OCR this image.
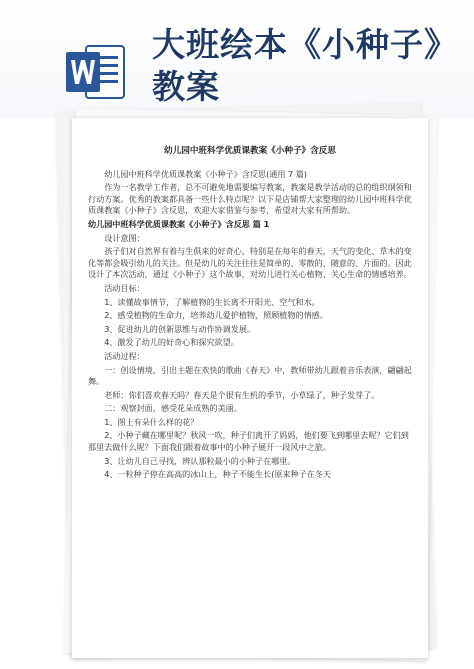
大班绘本《小种子》教案

幼儿园中班科学优质课教案《小种子》含反思

幼儿园中班科学优质课教案《小种子》含反思(通用 7 篇)

作为一名教学工作者，总不可避免地需要编写教案，教案是教学活动的总的组织纲领和行动方案。优秀的教案都具备一些什么特点呢？以下是店铺帮大家整理的幼儿园中班科学优质课教案《小种子》含反思，欢迎大家借鉴与参考，希望对大家有所帮助。

幼儿园中班科学优质课教案《小种子》含反思 篇 1

设计意图：

孩子们对自然界有着与生俱来的好奇心，特别是在每年的春天，天气的变化、草木的变化等都会吸引幼儿的关注。但是幼儿的关注往往是简单的、零散的、随意的、片面的。因此设计了本次活动，通过《小种子》这个故事，对幼儿进行关心植物、关心生命的情感培养。

活动目标：

1、读懂故事情节，了解植物的生长离不开阳光、空气和水。

2、感受植物的生命力，培养幼儿爱护植物，照顾植物的情感。

3、促进幼儿的创新思维与动作协调发展。

4、激发了幼儿的好奇心和探究欲望。

活动过程：

一：创设情境，引出主题在欢快的歌曲《春天》中，教师带幼儿跟着音乐表演，翩翩起舞。

老师：你们喜欢春天吗？春天是个很有生机的季节，小草绿了，种子发芽了。

二：观察封面，感受花朵成熟的美丽。

1、图上有朵什么样的花？

2、小种子藏在哪里呢？秋风一吹，种子们离开了妈妈，他们要飞到哪里去呢？它们到那里去做什么呢？下面我们跟着故事中的小种子展开一段风中之旅。

3、让幼儿自己寻找，辨认那粒最小的小种子在哪里。

4、一粒种子停在高高的冰山上，种子不能生长(原来种子在冬天
